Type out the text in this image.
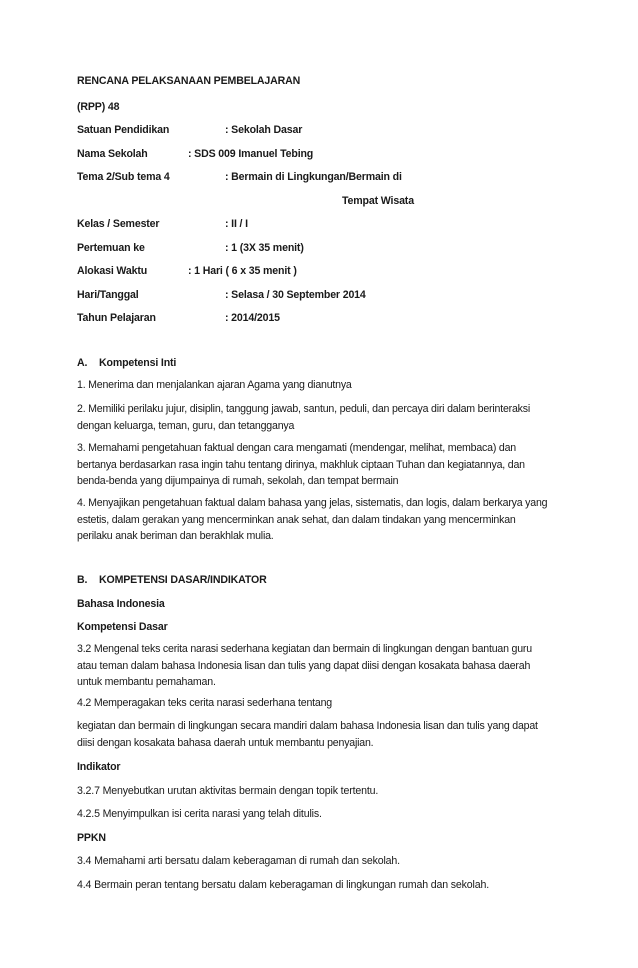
RENCANA PELAKSANAAN PEMBELAJARAN
(RPP) 48
Satuan Pendidikan	: Sekolah Dasar
Nama Sekolah	: SDS 009 Imanuel Tebing
Tema 2/Sub tema 4	: Bermain di Lingkungan/Bermain di
Tempat Wisata
Kelas / Semester	: II / I
Pertemuan ke	: 1 (3X 35 menit)
Alokasi Waktu	: 1 Hari ( 6 x 35 menit )
Hari/Tanggal	: Selasa / 30 September 2014
Tahun Pelajaran	: 2014/2015
A. Kompetensi Inti
1. Menerima dan menjalankan ajaran Agama yang dianutnya
2. Memiliki perilaku jujur, disiplin, tanggung jawab, santun, peduli, dan percaya diri dalam berinteraksi
dengan keluarga, teman, guru, dan tetangganya
3. Memahami pengetahuan faktual dengan cara mengamati (mendengar, melihat, membaca) dan
bertanya berdasarkan rasa ingin tahu tentang dirinya, makhluk ciptaan Tuhan dan kegiatannya, dan
benda-benda yang dijumpainya di rumah, sekolah, dan tempat bermain
4. Menyajikan pengetahuan faktual dalam bahasa yang jelas, sistematis, dan logis, dalam berkarya yang
estetis, dalam gerakan yang mencerminkan anak sehat, dan dalam tindakan yang mencerminkan
perilaku anak beriman dan berakhlak mulia.
B. KOMPETENSI DASAR/INDIKATOR
Bahasa Indonesia
Kompetensi Dasar
3.2 Mengenal teks cerita narasi sederhana kegiatan dan bermain di lingkungan dengan bantuan guru
atau teman dalam bahasa Indonesia lisan dan tulis yang dapat diisi dengan kosakata bahasa daerah
untuk membantu pemahaman.
4.2 Memperagakan teks cerita narasi sederhana tentang
kegiatan dan bermain di lingkungan secara mandiri dalam bahasa Indonesia lisan dan tulis yang dapat
diisi dengan kosakata bahasa daerah untuk membantu penyajian.
Indikator
3.2.7 Menyebutkan urutan aktivitas bermain dengan topik tertentu.
4.2.5 Menyimpulkan isi cerita narasi yang telah ditulis.
PPKN
3.4 Memahami arti bersatu dalam keberagaman di rumah dan sekolah.
4.4 Bermain peran tentang bersatu dalam keberagaman di lingkungan rumah dan sekolah.
